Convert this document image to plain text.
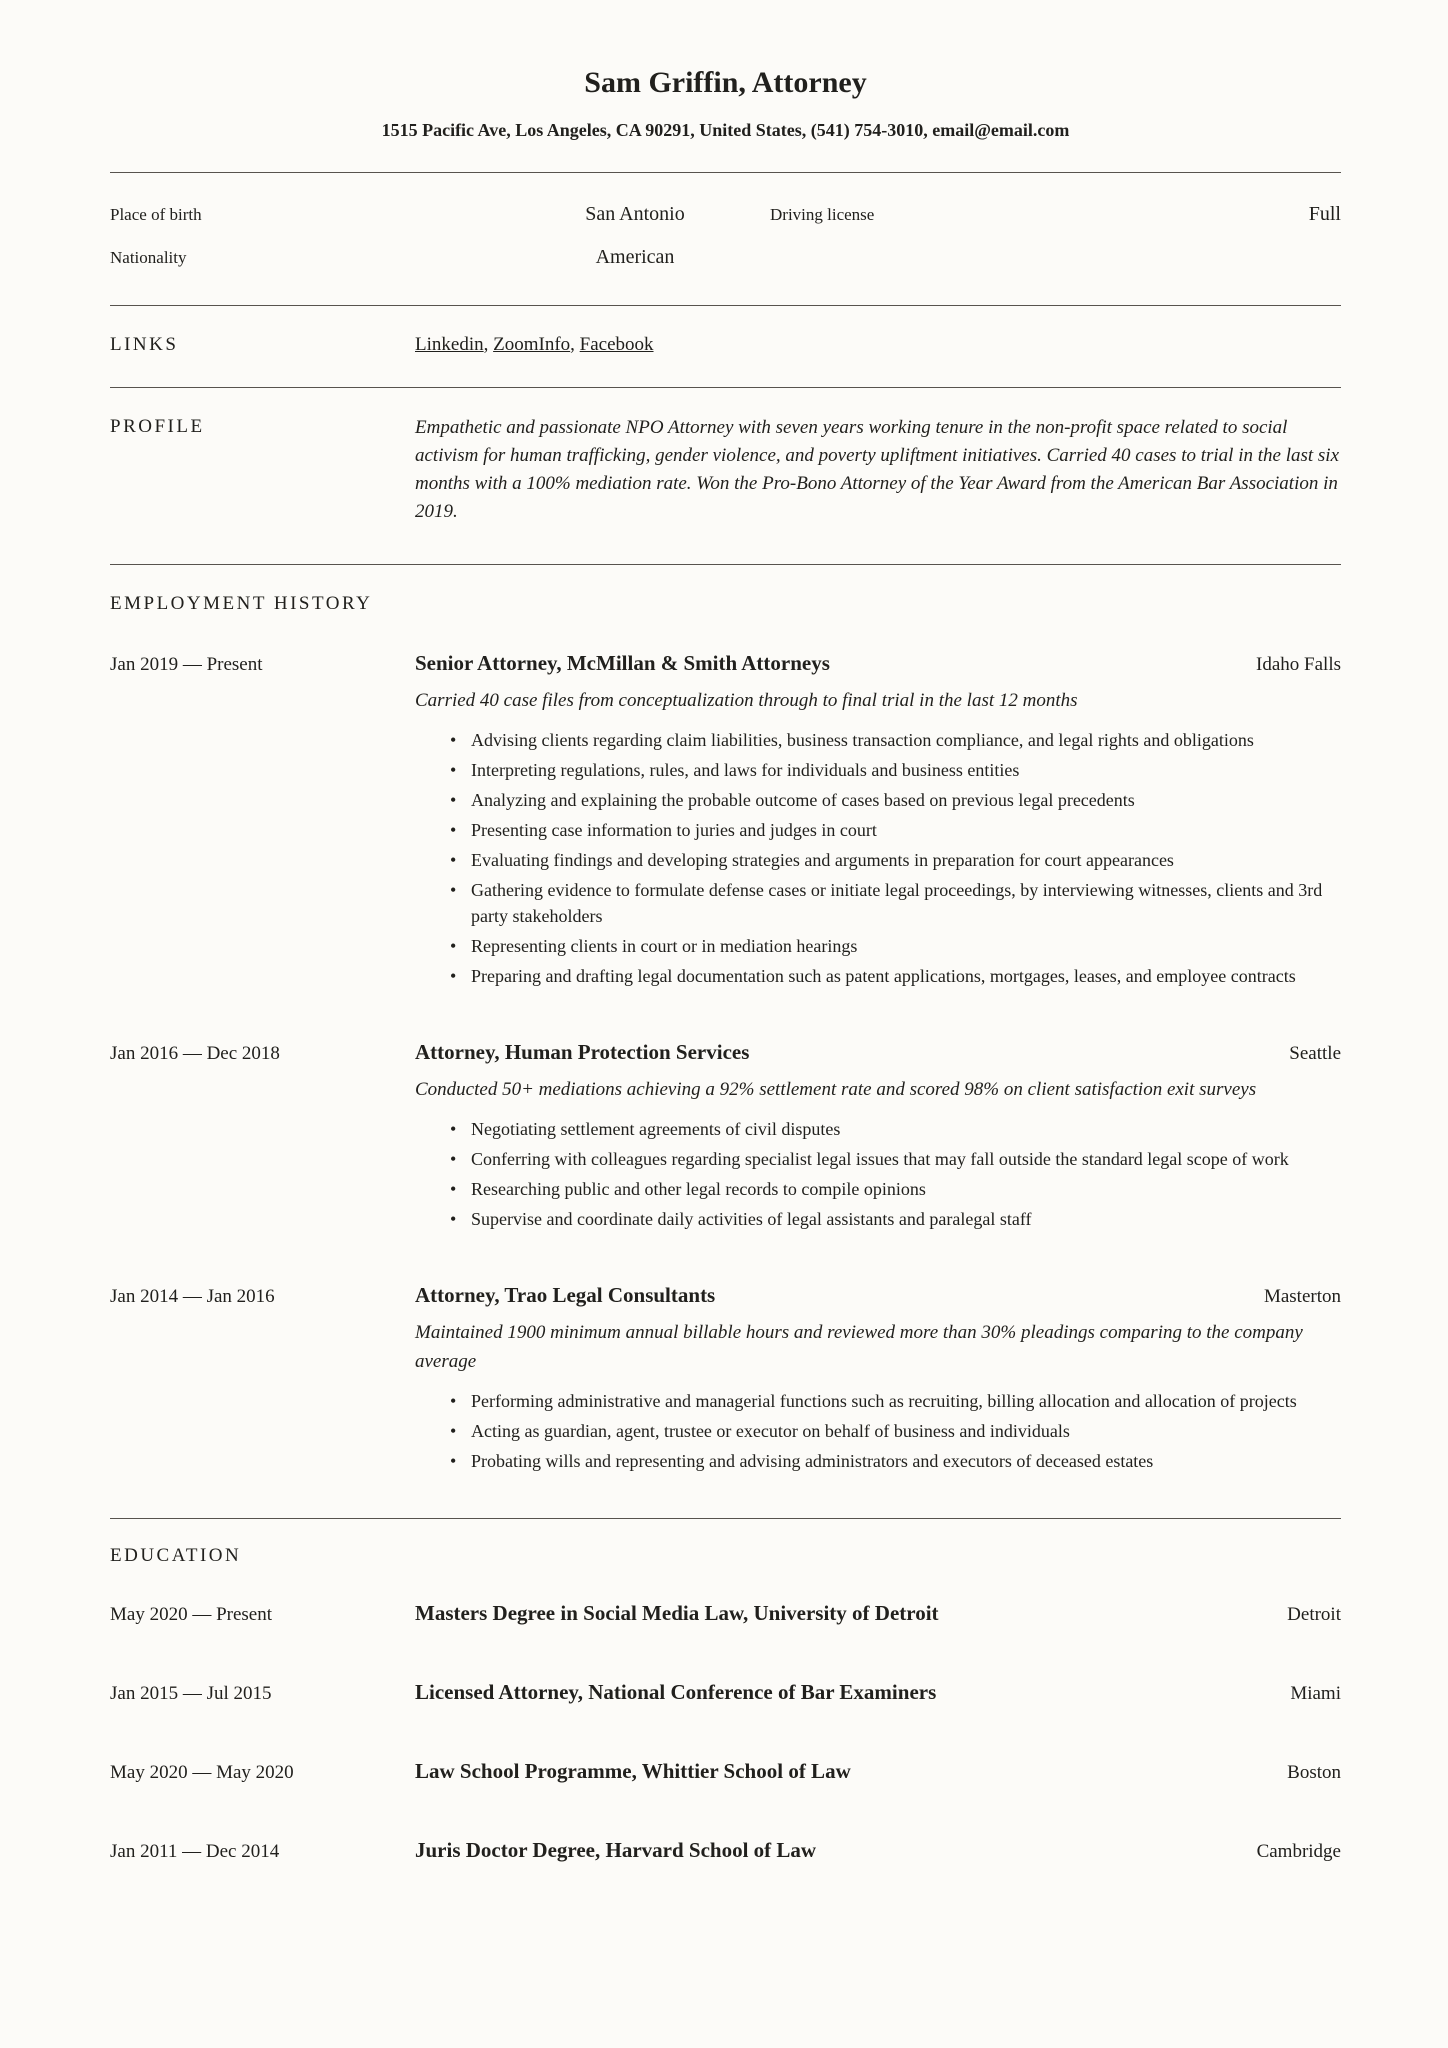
Sam Griffin, Attorney
1515 Pacific Ave, Los Angeles, CA 90291, United States, (541) 754-3010, email@email.com
Place of birth	San Antonio	Driving license	Full
Nationality	American
LINKS	Linkedin, ZoomInfo, Facebook
PROFILE	Empathetic and passionate NPO Attorney with seven years working tenure in the non-profit space related to social activism for human trafficking, gender violence, and poverty upliftment initiatives. Carried 40 cases to trial in the last six months with a 100% mediation rate. Won the Pro-Bono Attorney of the Year Award from the American Bar Association in 2019.

EMPLOYMENT HISTORY
Jan 2019 — Present	Senior Attorney, McMillan & Smith Attorneys	Idaho Falls

Carried 40 case files from conceptualization through to final trial in the last 12 months

• Advising clients regarding claim liabilities, business transaction compliance, and legal rights and obligations
• Interpreting regulations, rules, and laws for individuals and business entities
• Analyzing and explaining the probable outcome of cases based on previous legal precedents
• Presenting case information to juries and judges in court
• Evaluating findings and developing strategies and arguments in preparation for court appearances
• Gathering evidence to formulate defense cases or initiate legal proceedings, by interviewing witnesses, clients and 3rd party stakeholders
• Representing clients in court or in mediation hearings
• Preparing and drafting legal documentation such as patent applications, mortgages, leases, and employee contracts
Jan 2016 — Dec 2018	Attorney, Human Protection Services	Seattle

Conducted 50+ mediations achieving a 92% settlement rate and scored 98% on client satisfaction exit surveys

• Negotiating settlement agreements of civil disputes
• Conferring with colleagues regarding specialist legal issues that may fall outside the standard legal scope of work
• Researching public and other legal records to compile opinions
• Supervise and coordinate daily activities of legal assistants and paralegal staff
Jan 2014 — Jan 2016	Attorney, Trao Legal Consultants	Masterton

Maintained 1900 minimum annual billable hours and reviewed more than 30% pleadings comparing to the company average

• Performing administrative and managerial functions such as recruiting, billing allocation and allocation of projects
• Acting as guardian, agent, trustee or executor on behalf of business and individuals
• Probating wills and representing and advising administrators and executors of deceased estates
EDUCATION
May 2020 — Present	Masters Degree in Social Media Law, University of Detroit	Detroit
Jan 2015 — Jul 2015	Licensed Attorney, National Conference of Bar Examiners	Miami
May 2020 — May 2020	Law School Programme, Whittier School of Law	Boston
Jan 2011 — Dec 2014	Juris Doctor Degree, Harvard School of Law	Cambridge
